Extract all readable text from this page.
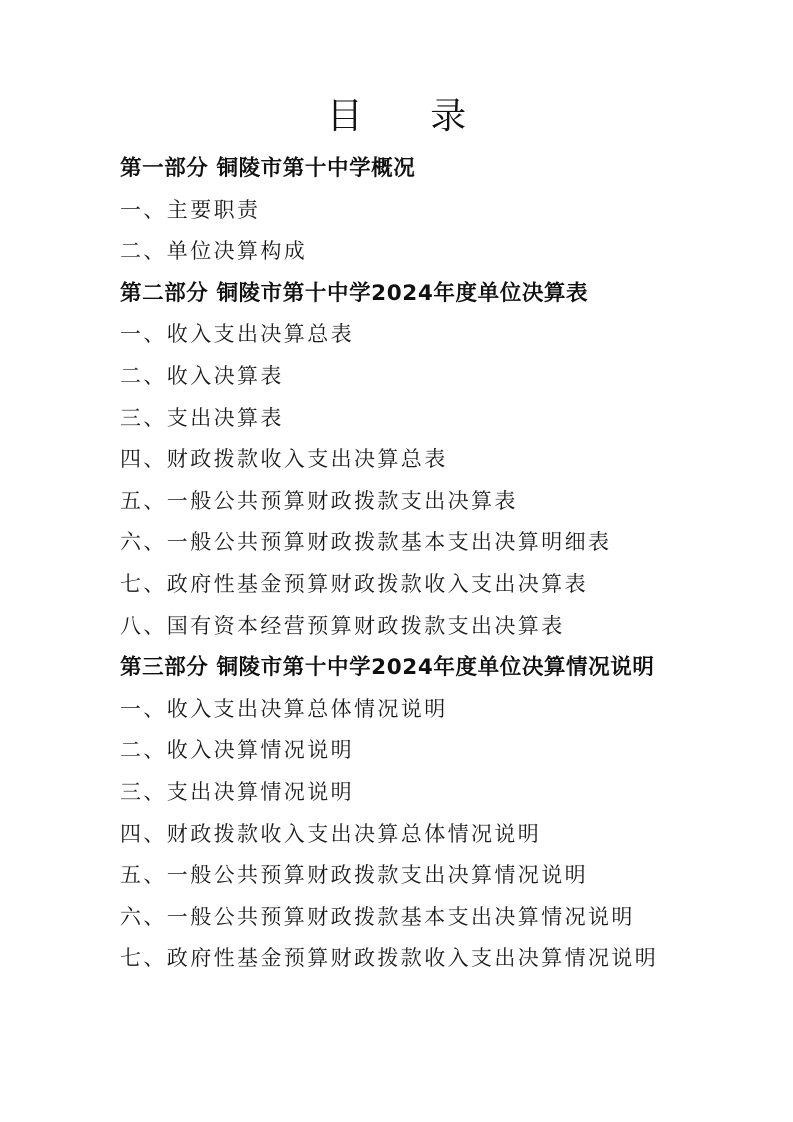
目 录
第一部分 铜陵市第十中学概况
一、主要职责
二、单位决算构成
第二部分 铜陵市第十中学2024年度单位决算表
一、收入支出决算总表
二、收入决算表
三、支出决算表
四、财政拨款收入支出决算总表
五、一般公共预算财政拨款支出决算表
六、一般公共预算财政拨款基本支出决算明细表
七、政府性基金预算财政拨款收入支出决算表
八、国有资本经营预算财政拨款支出决算表
第三部分 铜陵市第十中学2024年度单位决算情况说明
一、收入支出决算总体情况说明
二、收入决算情况说明
三、支出决算情况说明
四、财政拨款收入支出决算总体情况说明
五、一般公共预算财政拨款支出决算情况说明
六、一般公共预算财政拨款基本支出决算情况说明
七、政府性基金预算财政拨款收入支出决算情况说明
